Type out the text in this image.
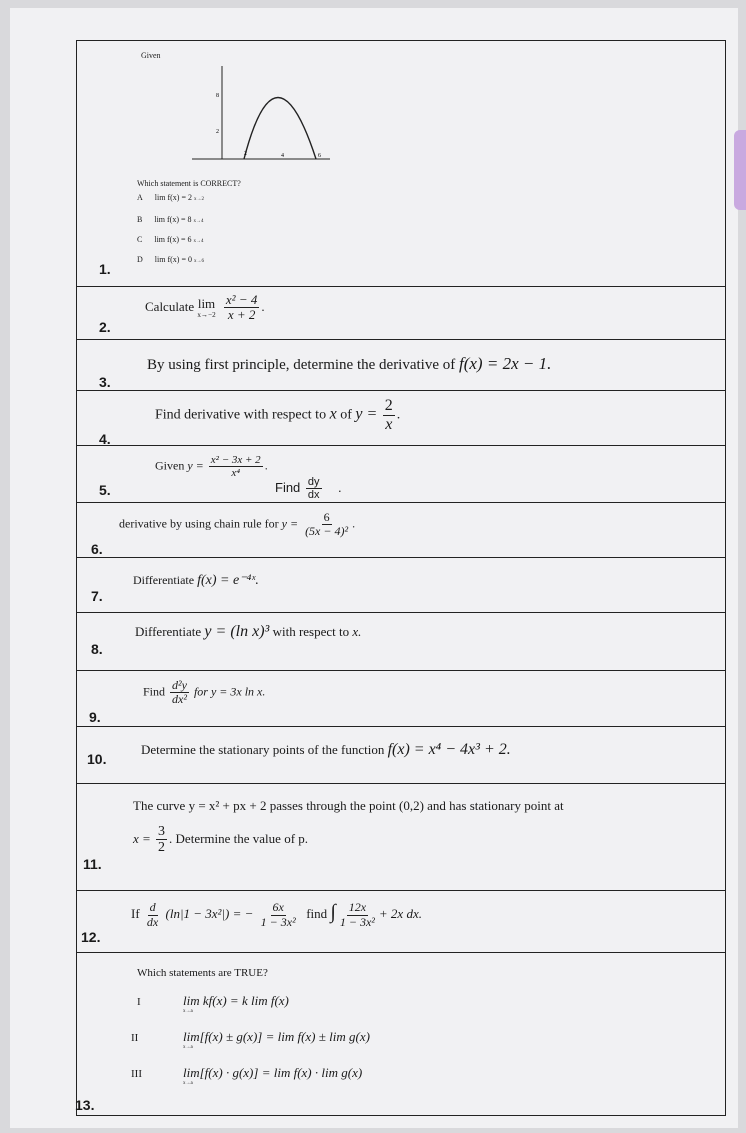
Given
8
2
2	4	6
Which statement is CORRECT?
A      lim f(x) = 2 x→2
B      lim f(x) = 8 x→4
C      lim f(x) = 6 x→4
D      lim f(x) = 0 x→6
1.
Calculate lim
x→−2
$\frac{\text{x² − 4}}{x + 2}$ .
2.
By using first principle, determine the derivative of f(x) = 2x − 1.
3.
Find derivative with respect to x of $y = \frac{2}{x}$ .
4.
Given $y = \frac{\text{x² − 3x + 2}}{\text{x⁴}}$ .
Find $\frac{dy}{dx}$ .
5.
derivative by using chain rule for $y = \frac{6}{\text{(5x − 4)²}}$ .
6.
Differentiate f(x) = e⁻⁴ˣ.
7.
Differentiate y = (ln x)³ with respect to x.
8.
Find $\frac{\text{d²y}}{\text{dx²}}$ for y = 3x ln x.
9.
Determine the stationary points of the function f(x) = x⁴ − 4x³ + 2.
10.
The curve y = x² + px + 2 passes through the point (0,2) and has stationary point at
$x = \frac{3}{2}$ . Determine the value of p.
11.
If $\frac{d}{dx} (\ln|1 - 3x^2|)$ = − $\frac{6x}{\text{1 − 3x²}}$ find ∫ $\frac{12x}{\text{1 − 3x²}} + 2x$ dx.
12.
Which statements are TRUE?
I	lim kf(x) = k lim f(x)
x→a
II	lim[f(x) ± g(x)] = lim f(x) ± lim g(x)
x→a
III	lim[f(x) · g(x)] = lim f(x) · lim g(x)
x→a
13.
